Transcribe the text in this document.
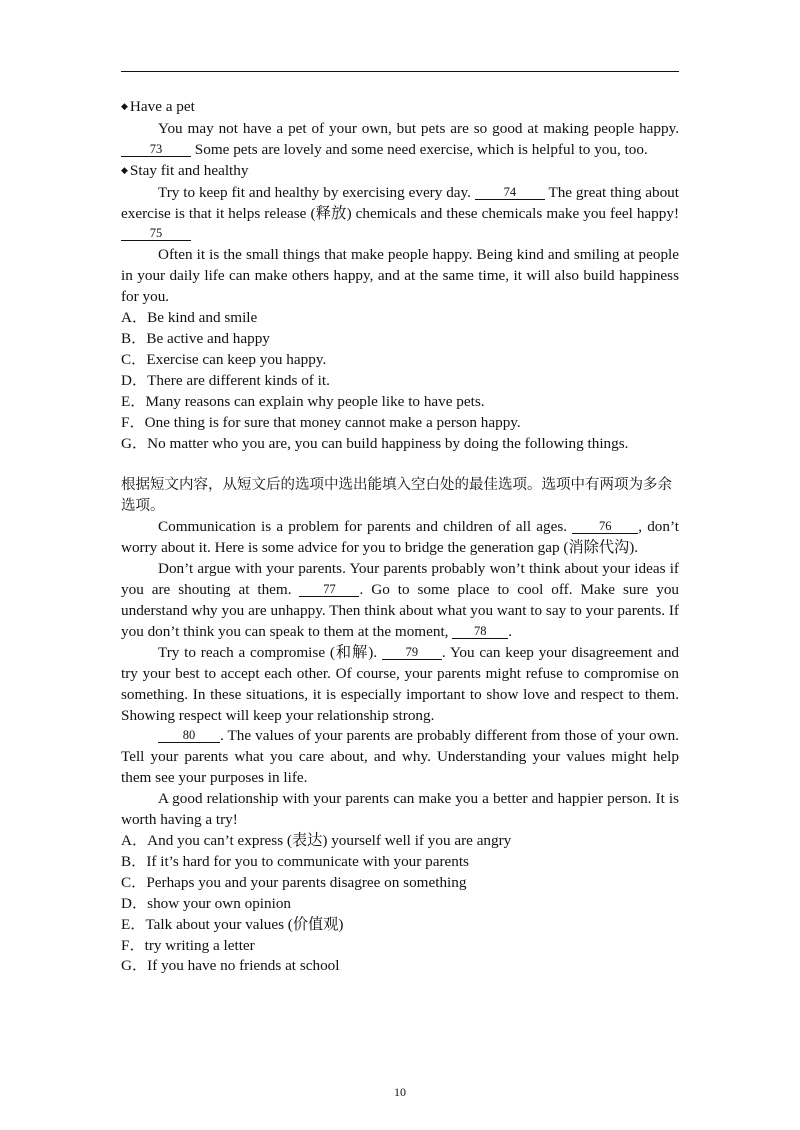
◆ Have a pet

You may not have a pet of your own, but pets are so good at making people happy. 73 Some pets are lovely and some need exercise, which is helpful to you, too.

◆ Stay fit and healthy

Try to keep fit and healthy by exercising every day.	74 The great thing about exercise is that it helps release (释放) chemicals and these chemicals make you feel happy!75

Often it is the small things that make people happy. Being kind and smiling at people in your daily life can make others happy, and at the same time, it will also build happiness for you.

A．Be kind and smile

B．Be active and happy

C．Exercise can keep you happy.

D．There are different kinds of it.

E．Many reasons can explain why people like to have pets.

F．One thing is for sure that money cannot make a person happy.

G．No matter who you are, you can build happiness by doing the following things.

根据短文内容，从短文后的选项中选出能填入空白处的最佳选项。选项中有两项为多余选项。

Communication is a problem for parents and children of all ages.	76 , don’t worry about it. Here is some advice for you to bridge the generation gap (消除代沟).

Don’t argue with your parents. Your parents probably won’t think about your ideas if you are shouting at them.	77 . Go to some place to cool off. Make sure you understand why you are unhappy. Then think about what you want to say to your parents. If you don’t think you can speak to them at the moment, 78 .

Try to reach a compromise (和解). 79 . You can keep your disagreement and try your best to accept each other. Of course, your parents might refuse to compromise on something. In these situations, it is especially important to show love and respect to them. Showing respect will keep your relationship strong.

80 . The values of your parents are probably different from those of your own. Tell your parents what you care about, and why. Understanding your values might help them see your purposes in life.

A good relationship with your parents can make you a better and happier person. It is worth having a try!

A．And you can’t express (表达) yourself well if you are angry

B．If it’s hard for you to communicate with your parents

C．Perhaps you and your parents disagree on something

D．show your own opinion

E．Talk about your values (价值观)

F．try writing a letter

G．If you have no friends at school

10
